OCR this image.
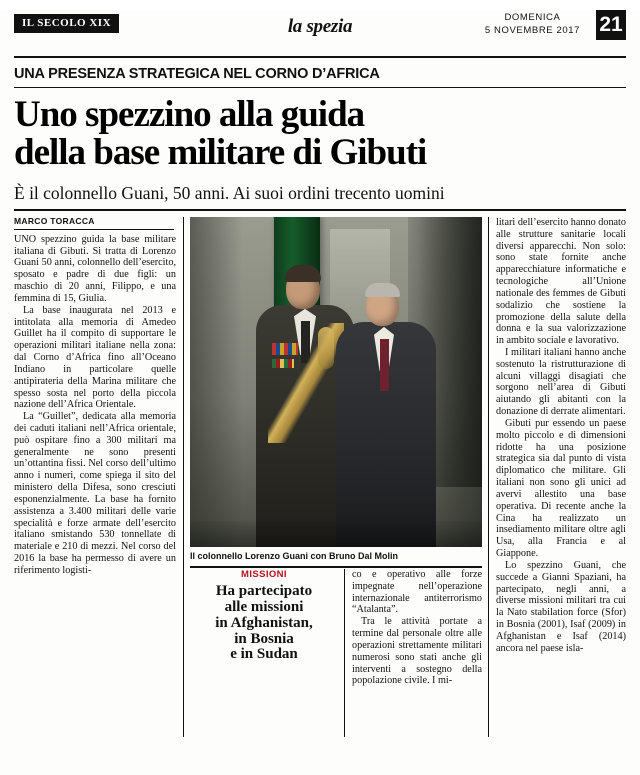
IL SECOLO XIX	la spezia	DOMENICA
5 NOVEMBRE 2017 21
UNA PRESENZA STRATEGICA NEL CORNO D’AFRICA
Uno spezzino alla guida
della base militare di Gibuti
È il colonnello Guani, 50 anni. Ai suoi ordini trecento uomini
MARCO TORACCA

UNO spezzino guida la base militare italiana di Gibuti. Si tratta di Lorenzo Guani 50 anni, colonnello dell’esercito, sposato e padre di due figli: un maschio di 20 anni, Filippo, e una femmina di 15, Giulia.

La base inaugurata nel 2013 e intitolata alla memoria di Amedeo Guillet ha il compito di supportare le operazioni militari italiane nella zona: dal Corno d’Africa fino all’Oceano Indiano in particolare quelle antipirateria della Marina militare che spesso sosta nel porto della piccola nazione dell’Africa Orientale.

La “Guillet”, dedicata alla memoria dei caduti italiani nell’Africa orientale, può ospitare fino a 300 militari ma generalmente ne sono presenti un’ottantina fissi. Nel corso dell’ultimo anno i numeri, come spiega il sito del ministero della Difesa, sono cresciuti esponenzialmente. La base ha fornito assistenza a 3.400 militari delle varie specialità e forze armate dell’esercito italiano smistando 530 tonnellate di materiale e 210 di mezzi. Nel corso del 2016 la base ha permesso di avere un riferimento logisti-

Il colonnello Lorenzo Guani con Bruno Dal Molin
MISSIONI
Ha partecipato
alle missioni
in Afghanistan,
in Bosnia
e in Sudan

co e operativo alle forze impegnate nell’operazione internazionale antiterrorismo “Atalanta”.

Tra le attività portate a termine dal personale oltre alle operazioni strettamente militari numerosi sono stati anche gli interventi a sostegno della popolazione civile. I mi-

litari dell’esercito hanno donato alle strutture sanitarie locali diversi apparecchi. Non solo: sono state fornite anche apparecchiature informatiche e tecnologiche all’Unione nationale des femmes de Gibuti sodalizio che sostiene la promozione della salute della donna e la sua valorizzazione in ambito sociale e lavorativo.

I militari italiani hanno anche sostenuto la ristrutturazione di alcuni villaggi disagiati che sorgono nell’area di Gibuti aiutando gli abitanti con la donazione di derrate alimentari.

Gibuti pur essendo un paese molto piccolo e di dimensioni ridotte ha una posizione strategica sia dal punto di vista diplomatico che militare. Gli italiani non sono gli unici ad avervi allestito una base operativa. Di recente anche la Cina ha realizzato un insediamento militare oltre agli Usa, alla Francia e al Giappone.

Lo spezzino Guani, che succede a Gianni Spaziani, ha partecipato, negli anni, a diverse missioni militari tra cui la Nato stabilation force (Sfor) in Bosnia (2001), Isaf (2009) in Afghanistan e Isaf (2014) ancora nel paese isla-
